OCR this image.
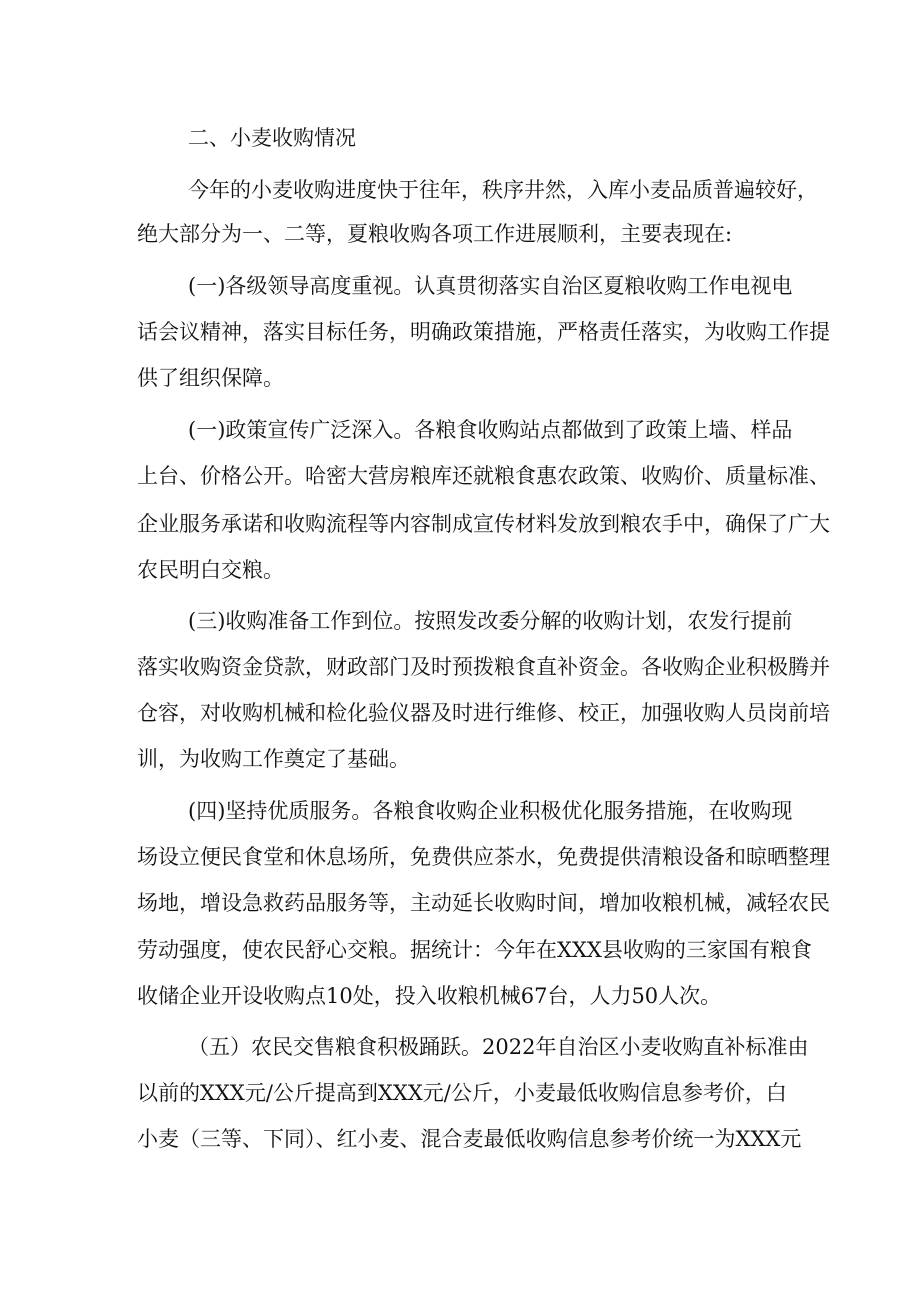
二、小麦收购情况
今年的小麦收购进度快于往年，秩序井然，入库小麦品质普遍较好，
绝大部分为一、二等，夏粮收购各项工作进展顺利，主要表现在:
(一)各级领导高度重视。认真贯彻落实自治区夏粮收购工作电视电
话会议精神，落实目标任务，明确政策措施，严格责任落实，为收购工作提
供了组织保障。
(一)政策宣传广泛深入。各粮食收购站点都做到了政策上墙、样品
上台、价格公开。哈密大营房粮库还就粮食惠农政策、收购价、质量标准、
企业服务承诺和收购流程等内容制成宣传材料发放到粮农手中，确保了广大
农民明白交粮。
(三)收购准备工作到位。按照发改委分解的收购计划，农发行提前
落实收购资金贷款，财政部门及时预拨粮食直补资金。各收购企业积极腾并
仓容，对收购机械和检化验仪器及时进行维修、校正，加强收购人员岗前培
训，为收购工作奠定了基础。
(四)坚持优质服务。各粮食收购企业积极优化服务措施，在收购现
场设立便民食堂和休息场所，免费供应茶水，免费提供清粮设备和晾晒整理
场地，增设急救药品服务等，主动延长收购时间，增加收粮机械，减轻农民
劳动强度，使农民舒心交粮。据统计：今年在XXX县收购的三家国有粮食
收储企业开设收购点10处，投入收粮机械67台，人力50人次。
（五）农民交售粮食积极踊跃。2022年自治区小麦收购直补标准由
以前的XXX元/公斤提高到XXX元/公斤，小麦最低收购信息参考价，白
小麦（三等、下同）、红小麦、混合麦最低收购信息参考价统一为XXX元
